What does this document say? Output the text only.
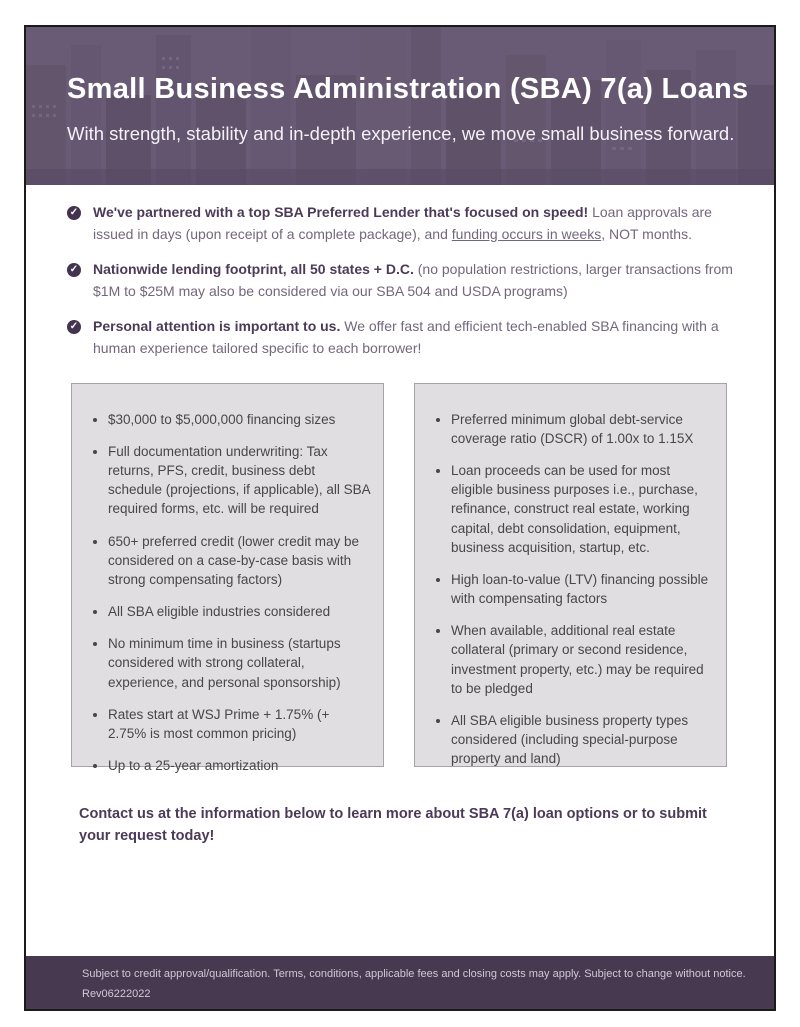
Small Business Administration (SBA) 7(a) Loans
With strength, stability and in-depth experience, we move small business forward.
✓ We've partnered with a top SBA Preferred Lender that's focused on speed! Loan approvals are issued in days (upon receipt of a complete package), and funding occurs in weeks, NOT months.
✓ Nationwide lending footprint, all 50 states + D.C. (no population restrictions, larger transactions from $1M to $25M may also be considered via our SBA 504 and USDA programs)
✓ Personal attention is important to us. We offer fast and efficient tech-enabled SBA financing with a human experience tailored specific to each borrower!
• $30,000 to $5,000,000 financing sizes
• Full documentation underwriting: Tax returns, PFS, credit, business debt schedule (projections, if applicable), all SBA required forms, etc. will be required
• 650+ preferred credit (lower credit may be considered on a case-by-case basis with strong compensating factors)
• All SBA eligible industries considered
• No minimum time in business (startups considered with strong collateral, experience, and personal sponsorship)
• Rates start at WSJ Prime + 1.75% (+ 2.75% is most common pricing)
• Up to a 25-year amortization
• Preferred minimum global debt-service coverage ratio (DSCR) of 1.00x to 1.15X
• Loan proceeds can be used for most eligible business purposes i.e., purchase, refinance, construct real estate, working capital, debt consolidation, equipment, business acquisition, startup, etc.
• High loan-to-value (LTV) financing possible with compensating factors
• When available, additional real estate collateral (primary or second residence, investment property, etc.) may be required to be pledged
• All SBA eligible business property types considered (including special-purpose property and land)
Contact us at the information below to learn more about SBA 7(a) loan options or to submit your request today!
Subject to credit approval/qualification. Terms, conditions, applicable fees and closing costs may apply. Subject to change without notice.
Rev06222022
